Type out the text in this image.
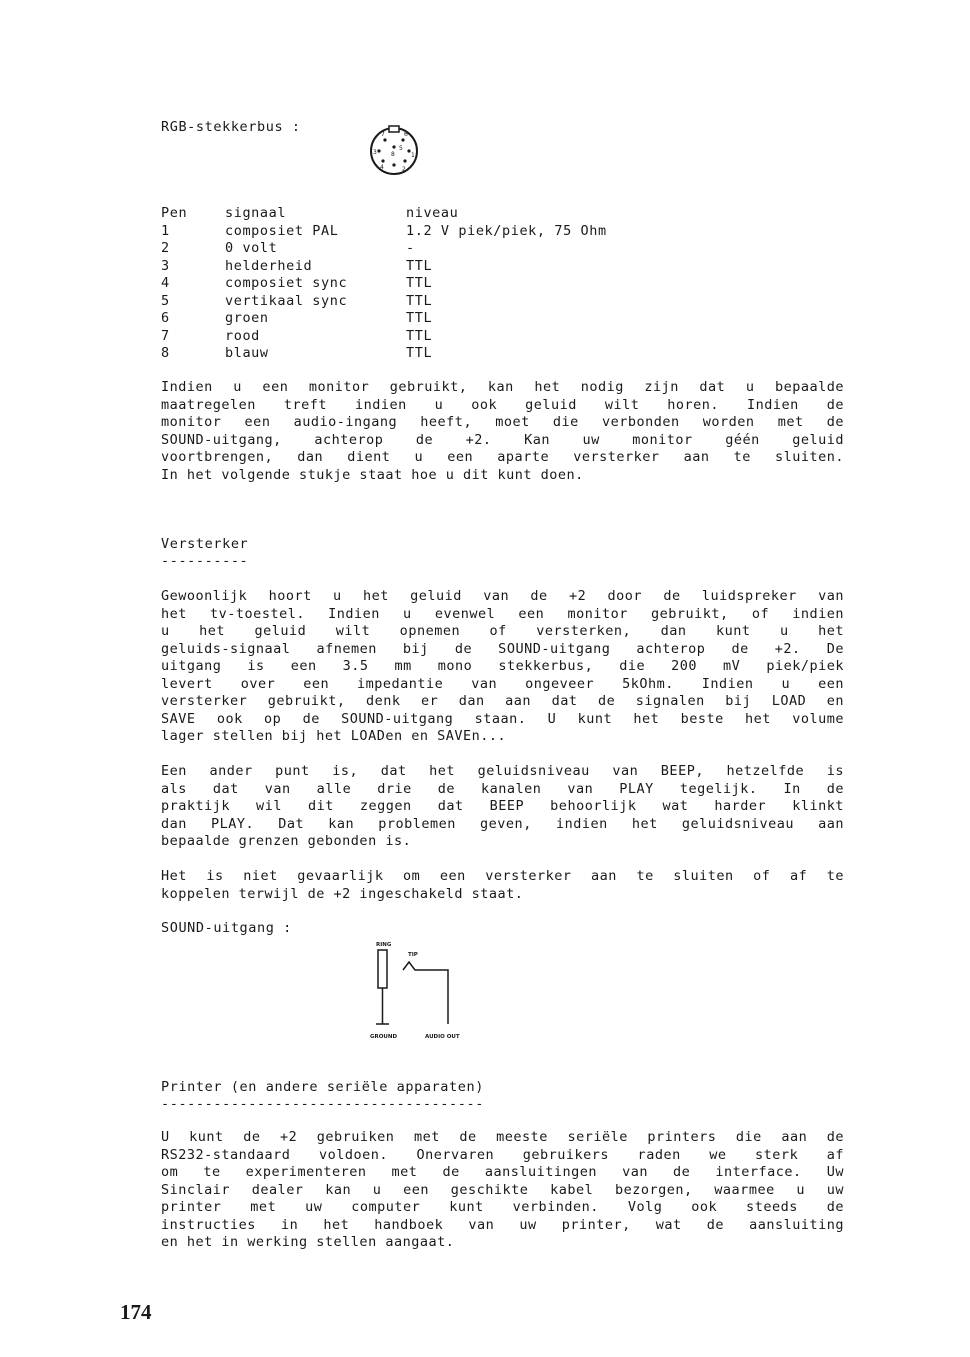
RGB-stekkerbus :	7	6
5
8
3	1
4	2
Pen	signaal	niveau
1	composiet PAL	1.2 V piek/piek, 75 Ohm
2	0 volt	-
3	helderheid	TTL
4	composiet sync	TTL
5	vertikaal sync	TTL
6	groen	TTL
7	rood	TTL
8	blauw	TTL
Indien u een monitor gebruikt, kan het nodig zijn dat u bepaalde
maatregelen treft indien u ook geluid wilt horen. Indien de
monitor een audio-ingang heeft, moet die verbonden worden met de
SOUND-uitgang, achterop de +2. Kan uw monitor géén geluid
voortbrengen, dan dient u een aparte versterker aan te sluiten.
In het volgende stukje staat hoe u dit kunt doen.
Versterker
----------
Gewoonlijk hoort u het geluid van de +2 door de luidspreker van
het tv-toestel. Indien u evenwel een monitor gebruikt, of indien
u het geluid wilt opnemen of versterken, dan kunt u het
geluids-signaal afnemen bij de SOUND-uitgang achterop de +2. De
uitgang is een 3.5 mm mono stekkerbus, die 200 mV piek/piek
levert over een impedantie van ongeveer 5kOhm. Indien u een
versterker gebruikt, denk er dan aan dat de signalen bij LOAD en
SAVE ook op de SOUND-uitgang staan. U kunt het beste het volume
lager stellen bij het LOADen en SAVEn...
Een ander punt is, dat het geluidsniveau van BEEP, hetzelfde is
als dat van alle drie de kanalen van PLAY tegelijk. In de
praktijk wil dit zeggen dat BEEP behoorlijk wat harder klinkt
dan PLAY. Dat kan problemen geven, indien het geluidsniveau aan
bepaalde grenzen gebonden is.
Het is niet gevaarlijk om een versterker aan te sluiten of af te
koppelen terwijl de +2 ingeschakeld staat.
SOUND-uitgang :
RING
TIP
GROUND	AUDIO OUT
Printer (en andere seriële apparaten)
-------------------------------------
U kunt de +2 gebruiken met de meeste seriële printers die aan de
RS232-standaard voldoen. Onervaren gebruikers raden we sterk af
om te experimenteren met de aansluitingen van de interface. Uw
Sinclair dealer kan u een geschikte kabel bezorgen, waarmee u uw
printer met uw computer kunt verbinden. Volg ook steeds de
instructies in het handboek van uw printer, wat de aansluiting
en het in werking stellen aangaat.
174
